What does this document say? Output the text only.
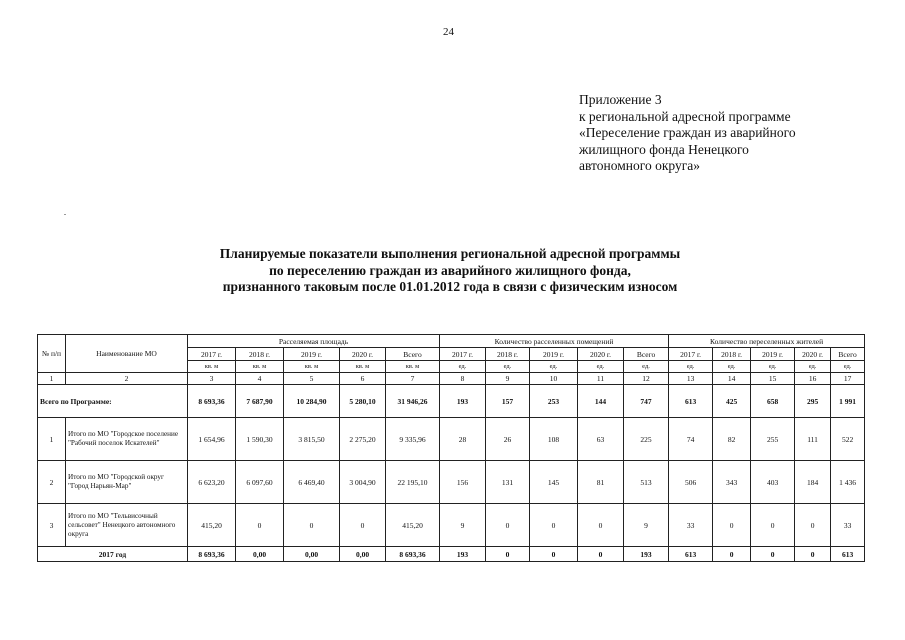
24
Приложение 3
к региональной адресной программе
«Переселение граждан из аварийного
жилищного фонда Ненецкого
автономного округа»
Планируемые показатели выполнения региональной адресной программы
по переселению граждан из аварийного жилищного фонда,
признанного таковым после 01.01.2012 года в связи с физическим износом
№ п/п	Наименование МО	Расселяемая площадь					Количество расселенных помещений					Количество переселенных жителей				
		2017 г.	2018 г.	2019 г.	2020 г.	Всего	2017 г.	2018 г.	2019 г.	2020 г.	Всего	2017 г.	2018 г.	2019 г.	2020 г.	Всего
		кв. м	кв. м	кв. м	кв. м	кв. м	ед.	ед.	ед.	ед.	ед.	ед.	ед.	ед.	ед.	ед.
1	2	3	4	5	6	7	8	9	10	11	12	13	14	15	16	17
Всего по Программе:		8 693,36	7 687,90	10 284,90	5 280,10	31 946,26	193	157	253	144	747	613	425	658	295	1 991
1	Итого по МО "Городское поселение "Рабочий поселок Искателей"	1 654,96	1 590,30	3 815,50	2 275,20	9 335,96	28	26	108	63	225	74	82	255	111	522
2	Итого по МО "Городской округ "Город Нарьян-Мар"	6 623,20	6 097,60	6 469,40	3 004,90	22 195,10	156	131	145	81	513	506	343	403	184	1 436
3	Итого по МО "Тельвисочный сельсовет" Ненецкого автономного округа	415,20	0	0	0	415,20	9	0	0	0	9	33	0	0	0	33
2017 год		8 693,36	0,00	0,00	0,00	8 693,36	193	0	0	0	193	613	0	0	0	613
